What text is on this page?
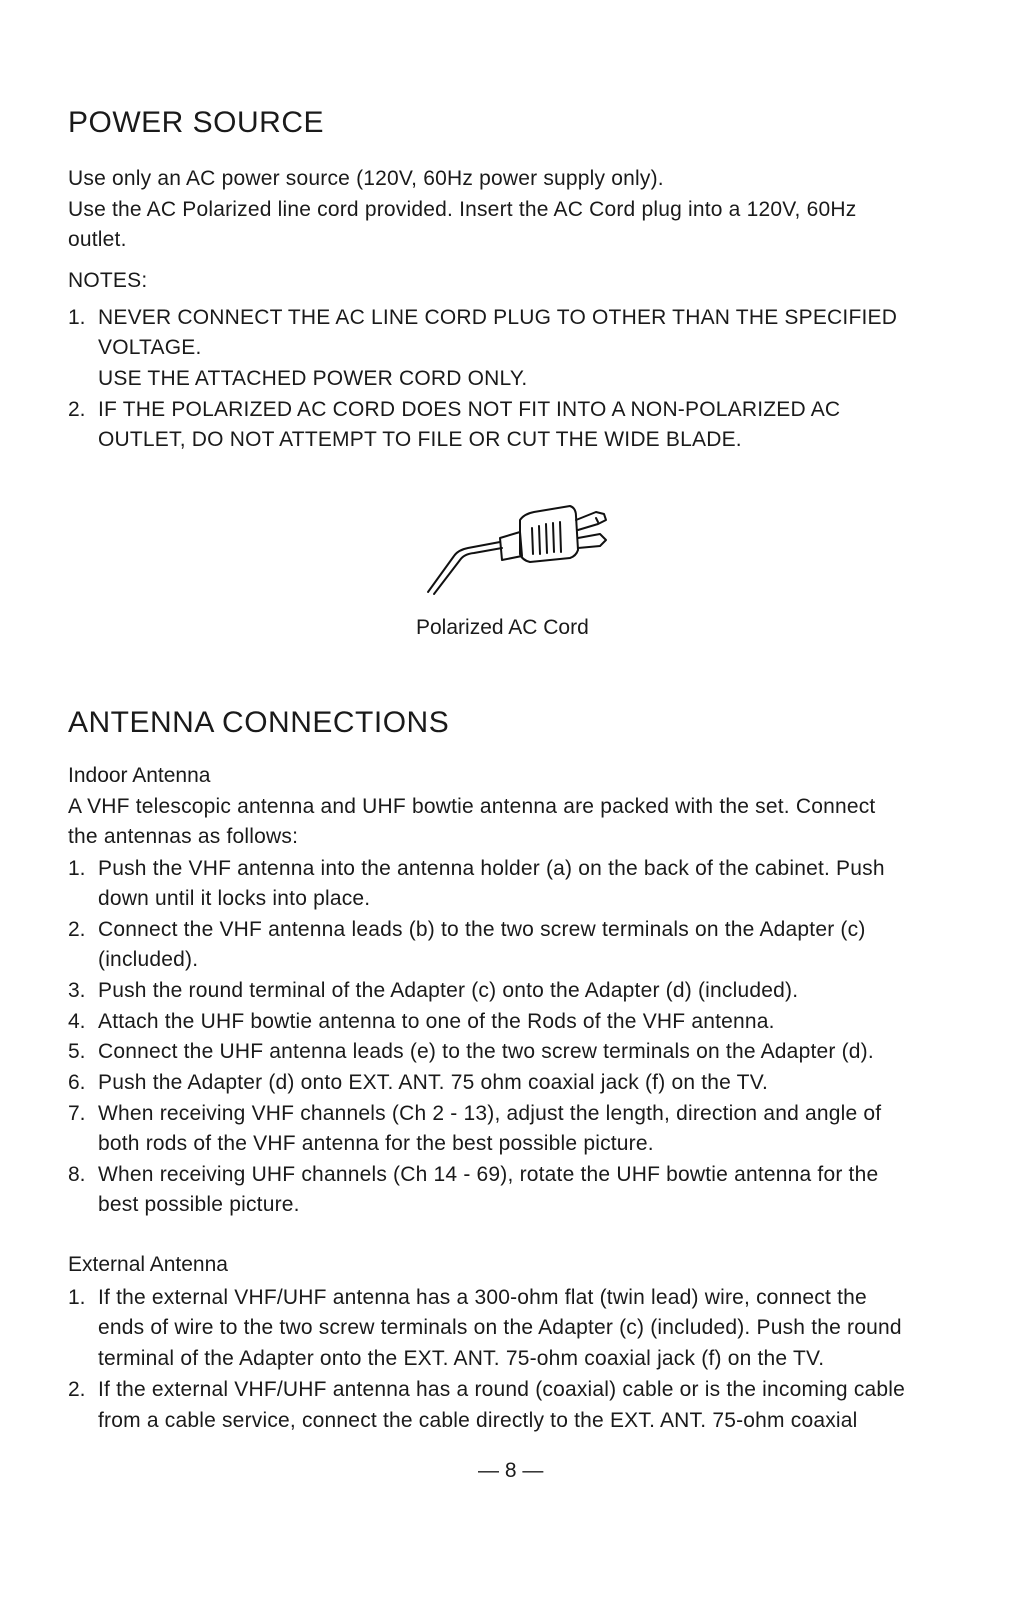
POWER SOURCE
Use only an AC power source (120V, 60Hz power supply only).
Use the AC Polarized line cord provided. Insert the AC Cord plug into a 120V, 60Hz
outlet.
NOTES:
1. NEVER CONNECT THE AC LINE CORD PLUG TO OTHER THAN THE SPECIFIED
VOLTAGE.
USE THE ATTACHED POWER CORD ONLY.
2. IF THE POLARIZED AC CORD DOES NOT FIT INTO A NON-POLARIZED AC
OUTLET, DO NOT ATTEMPT TO FILE OR CUT THE WIDE BLADE.
Polarized AC Cord
ANTENNA CONNECTIONS
Indoor Antenna
A VHF telescopic antenna and UHF bowtie antenna are packed with the set. Connect
the antennas as follows:
1. Push the VHF antenna into the antenna holder (a) on the back of the cabinet. Push
down until it locks into place.
2. Connect the VHF antenna leads (b) to the two screw terminals on the Adapter (c)
(included).
3. Push the round terminal of the Adapter (c) onto the Adapter (d) (included).
4. Attach the UHF bowtie antenna to one of the Rods of the VHF antenna.
5. Connect the UHF antenna leads (e) to the two screw terminals on the Adapter (d).
6. Push the Adapter (d) onto EXT. ANT. 75 ohm coaxial jack (f) on the TV.
7. When receiving VHF channels (Ch 2 - 13), adjust the length, direction and angle of
both rods of the VHF antenna for the best possible picture.
8. When receiving UHF channels (Ch 14 - 69), rotate the UHF bowtie antenna for the
best possible picture.
External Antenna
1. If the external VHF/UHF antenna has a 300-ohm flat (twin lead) wire, connect the
ends of wire to the two screw terminals on the Adapter (c) (included). Push the round
terminal of the Adapter onto the EXT. ANT. 75-ohm coaxial jack (f) on the TV.
2. If the external VHF/UHF antenna has a round (coaxial) cable or is the incoming cable
from a cable service, connect the cable directly to the EXT. ANT. 75-ohm coaxial
— 8 —
